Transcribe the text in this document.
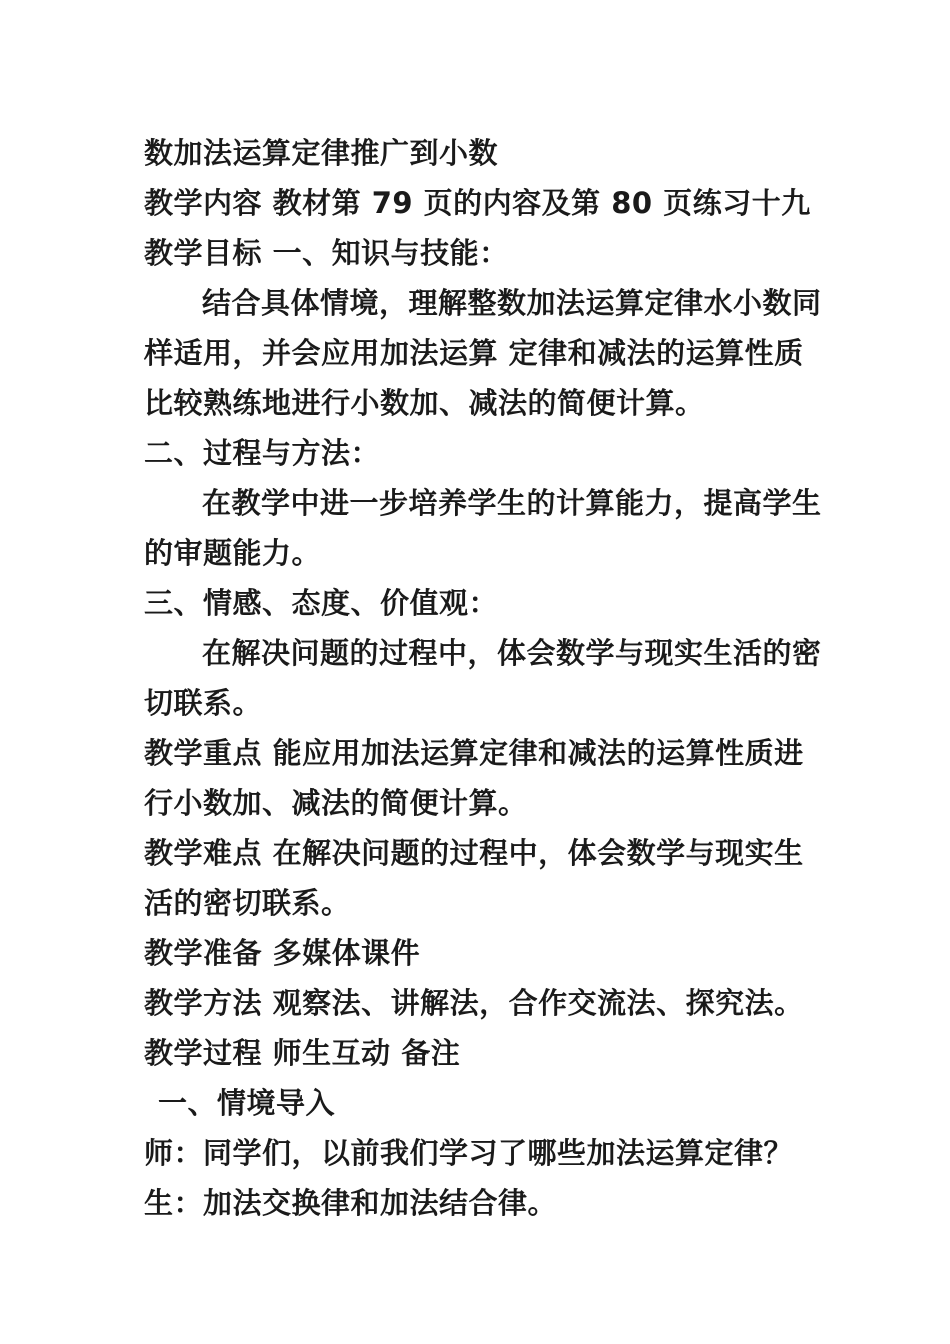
数加法运算定律推广到小数
教学内容 教材第 79 页的内容及第 80 页练习十九
教学目标 一、知识与技能：
结合具体情境，理解整数加法运算定律水小数同
样适用，并会应用加法运算 定律和减法的运算性质
比较熟练地进行小数加、减法的简便计算。
二、过程与方法：
在教学中进一步培养学生的计算能力，提高学生
的审题能力。
三、情感、态度、价值观：
在解决问题的过程中，体会数学与现实生活的密
切联系。
教学重点 能应用加法运算定律和减法的运算性质进
行小数加、减法的简便计算。
教学难点 在解决问题的过程中，体会数学与现实生
活的密切联系。
教学准备 多媒体课件
教学方法 观察法、讲解法，合作交流法、探究法。
教学过程 师生互动 备注
一、情境导入
师：同学们，以前我们学习了哪些加法运算定律？
生：加法交换律和加法结合律。
